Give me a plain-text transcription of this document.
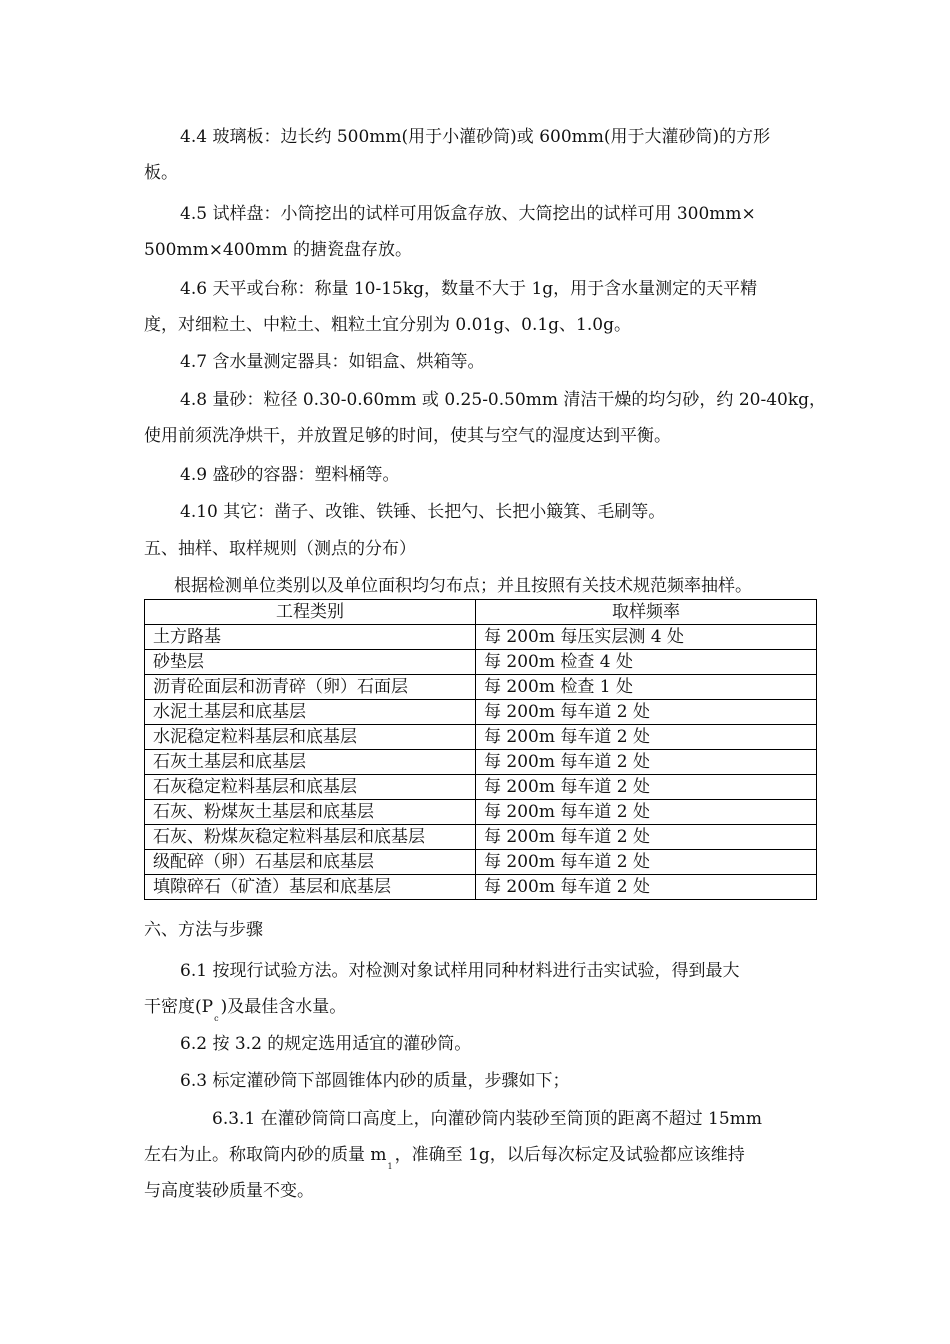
4.4 玻璃板：边长约 500mm(用于小灌砂筒)或 600mm(用于大灌砂筒)的方形
板。
4.5 试样盘：小筒挖出的试样可用饭盒存放、大筒挖出的试样可用 300mm×
500mm×400mm 的搪瓷盘存放。
4.6 天平或台称：称量 10-15kg，数量不大于 1g，用于含水量测定的天平精
度，对细粒土、中粒土、粗粒土宜分别为 0.01g、0.1g、1.0g。
4.7 含水量测定器具：如铝盒、烘箱等。
4.8 量砂：粒径 0.30-0.60mm 或 0.25-0.50mm 清洁干燥的均匀砂，约 20-40kg，
使用前须洗净烘干，并放置足够的时间，使其与空气的湿度达到平衡。
4.9 盛砂的容器：塑料桶等。
4.10 其它：凿子、改锥、铁锤、长把勺、长把小簸箕、毛刷等。
五、抽样、取样规则（测点的分布）
根据检测单位类别以及单位面积均匀布点；并且按照有关技术规范频率抽样。
工程类别	取样频率
土方路基	每 200m 每压实层测 4 处
砂垫层	每 200m 检查 4 处
沥青砼面层和沥青碎（卵）石面层	每 200m 检查 1 处
水泥土基层和底基层	每 200m 每车道 2 处
水泥稳定粒料基层和底基层	每 200m 每车道 2 处
石灰土基层和底基层	每 200m 每车道 2 处
石灰稳定粒料基层和底基层	每 200m 每车道 2 处
石灰、粉煤灰土基层和底基层	每 200m 每车道 2 处
石灰、粉煤灰稳定粒料基层和底基层	每 200m 每车道 2 处
级配碎（卵）石基层和底基层	每 200m 每车道 2 处
填隙碎石（矿渣）基层和底基层	每 200m 每车道 2 处
六、方法与步骤
6.1 按现行试验方法。对检测对象试样用同种材料进行击实试验，得到最大
干密度$(P_c)$及最佳含水量。
6.2 按 3.2 的规定选用适宜的灌砂筒。
6.3 标定灌砂筒下部圆锥体内砂的质量，步骤如下；
6.3.1 在灌砂筒筒口高度上，向灌砂筒内装砂至筒顶的距离不超过 15mm
左右为止。称取筒内砂的质量 $m_1$，准确至 1g，以后每次标定及试验都应该维持
与高度装砂质量不变。
